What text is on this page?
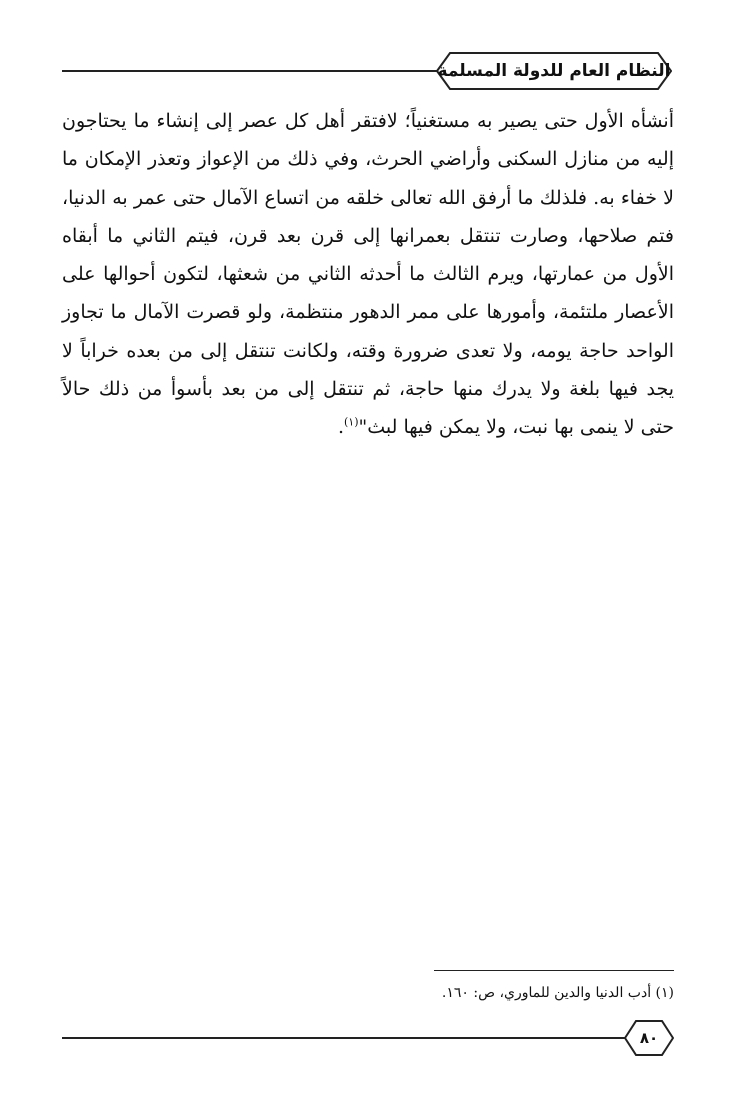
النظام العام للدولة المسلمة

أنشأه الأول حتى يصير به مستغنياً؛ لافتقر أهل كل عصر إلى إنشاء ما يحتاجون إليه من منازل السكنى وأراضي الحرث، وفي ذلك من الإعواز وتعذر الإمكان ما لا خفاء به. فلذلك ما أرفق الله تعالى خلقه من اتساع الآمال حتى عمر به الدنيا، فتم صلاحها، وصارت تنتقل بعمرانها إلى قرن بعد قرن، فيتم الثاني ما أبقاه الأول من عمارتها، ويرم الثالث ما أحدثه الثاني من شعثها، لتكون أحوالها على الأعصار ملتئمة، وأمورها على ممر الدهور منتظمة، ولو قصرت الآمال ما تجاوز الواحد حاجة يومه، ولا تعدى ضرورة وقته، ولكانت تنتقل إلى من بعده خراباً لا يجد فيها بلغة ولا يدرك منها حاجة، ثم تنتقل إلى من بعد بأسوأ من ذلك حالاً حتى لا ينمى بها نبت، ولا يمكن فيها لبث"$^{(١)}$.

(١) أدب الدنيا والدين للماوري، ص: ١٦٠.
٨٠
